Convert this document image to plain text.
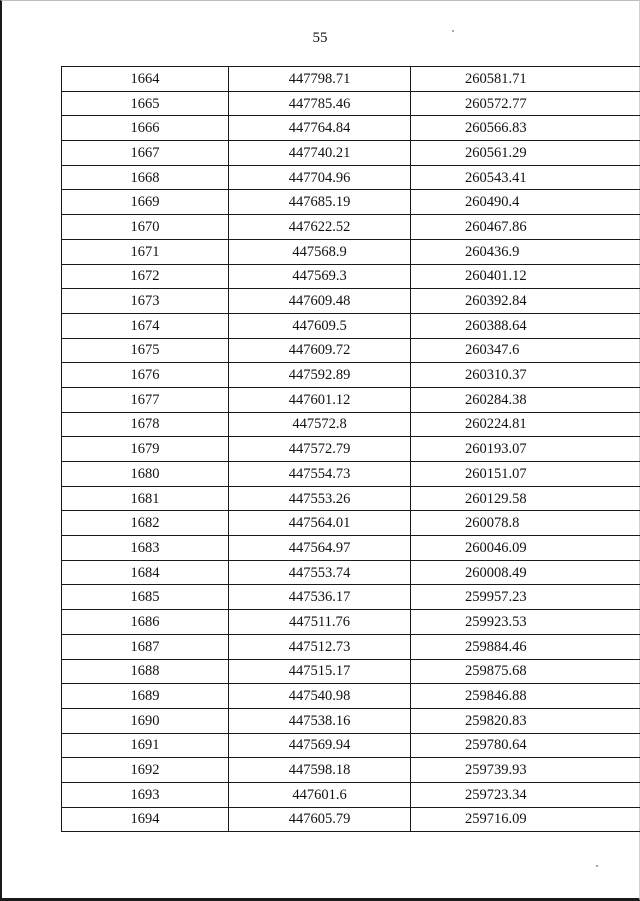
55
1664	447798.71	260581.71
1665	447785.46	260572.77
1666	447764.84	260566.83
1667	447740.21	260561.29
1668	447704.96	260543.41
1669	447685.19	260490.4
1670	447622.52	260467.86
1671	447568.9	260436.9
1672	447569.3	260401.12
1673	447609.48	260392.84
1674	447609.5	260388.64
1675	447609.72	260347.6
1676	447592.89	260310.37
1677	447601.12	260284.38
1678	447572.8	260224.81
1679	447572.79	260193.07
1680	447554.73	260151.07
1681	447553.26	260129.58
1682	447564.01	260078.8
1683	447564.97	260046.09
1684	447553.74	260008.49
1685	447536.17	259957.23
1686	447511.76	259923.53
1687	447512.73	259884.46
1688	447515.17	259875.68
1689	447540.98	259846.88
1690	447538.16	259820.83
1691	447569.94	259780.64
1692	447598.18	259739.93
1693	447601.6	259723.34
1694	447605.79	259716.09
